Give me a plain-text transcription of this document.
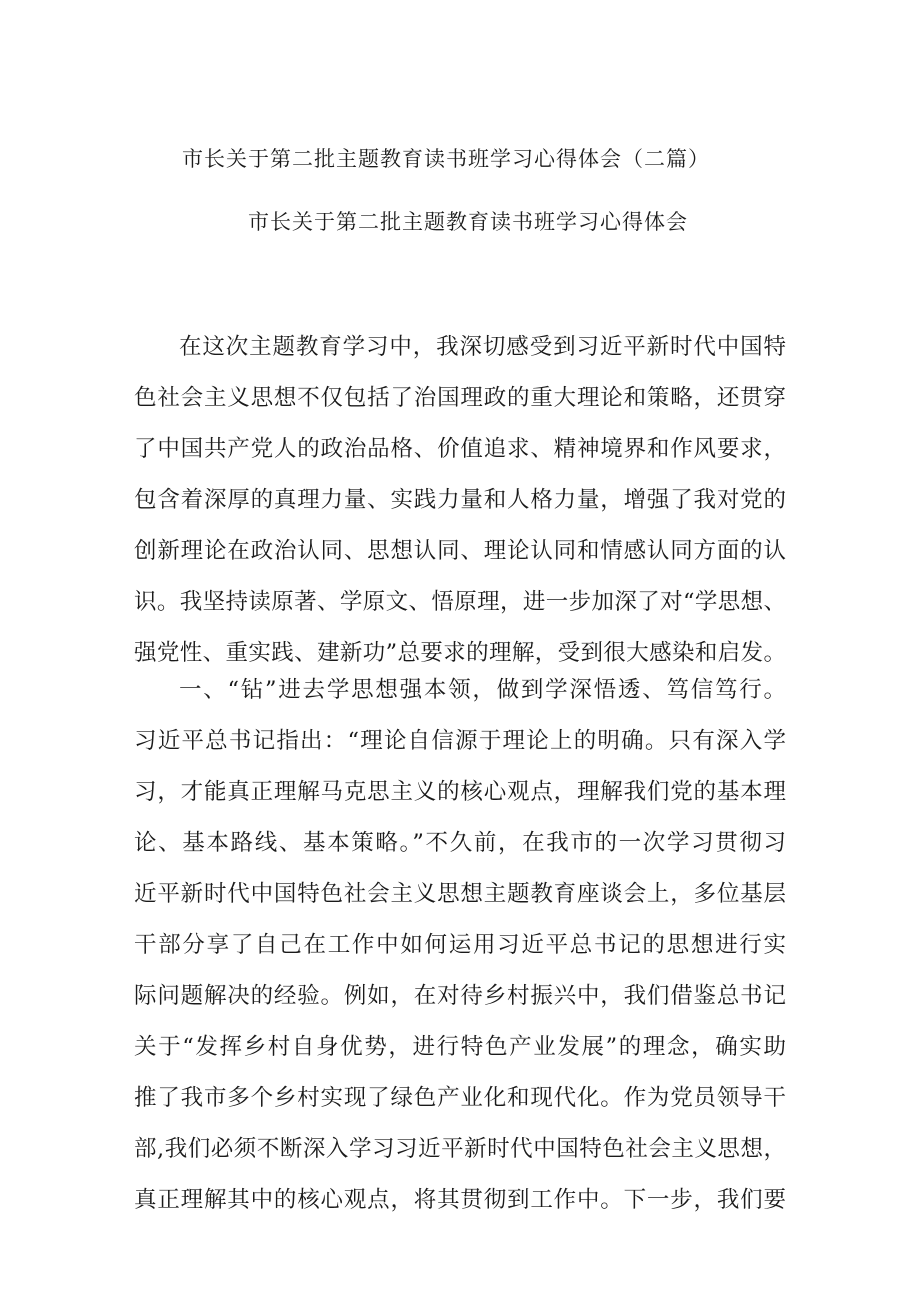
市长关于第二批主题教育读书班学习心得体会（二篇）
市长关于第二批主题教育读书班学习心得体会
在这次主题教育学习中，我深切感受到习近平新时代中国特
色社会主义思想不仅包括了治国理政的重大理论和策略，还贯穿
了中国共产党人的政治品格、价值追求、精神境界和作风要求，
包含着深厚的真理力量、实践力量和人格力量，增强了我对党的
创新理论在政治认同、思想认同、理论认同和情感认同方面的认
识。我坚持读原著、学原文、悟原理，进一步加深了对“学思想、
强党性、重实践、建新功”总要求的理解，受到很大感染和启发。
一、“钻”进去学思想强本领，做到学深悟透、笃信笃行。
习近平总书记指出：“理论自信源于理论上的明确。只有深入学
习，才能真正理解马克思主义的核心观点，理解我们党的基本理
论、基本路线、基本策略。”不久前，在我市的一次学习贯彻习
近平新时代中国特色社会主义思想主题教育座谈会上，多位基层
干部分享了自己在工作中如何运用习近平总书记的思想进行实
际问题解决的经验。例如，在对待乡村振兴中，我们借鉴总书记
关于“发挥乡村自身优势，进行特色产业发展”的理念，确实助
推了我市多个乡村实现了绿色产业化和现代化。作为党员领导干
部,我们必须不断深入学习习近平新时代中国特色社会主义思想，
真正理解其中的核心观点，将其贯彻到工作中。下一步，我们要
